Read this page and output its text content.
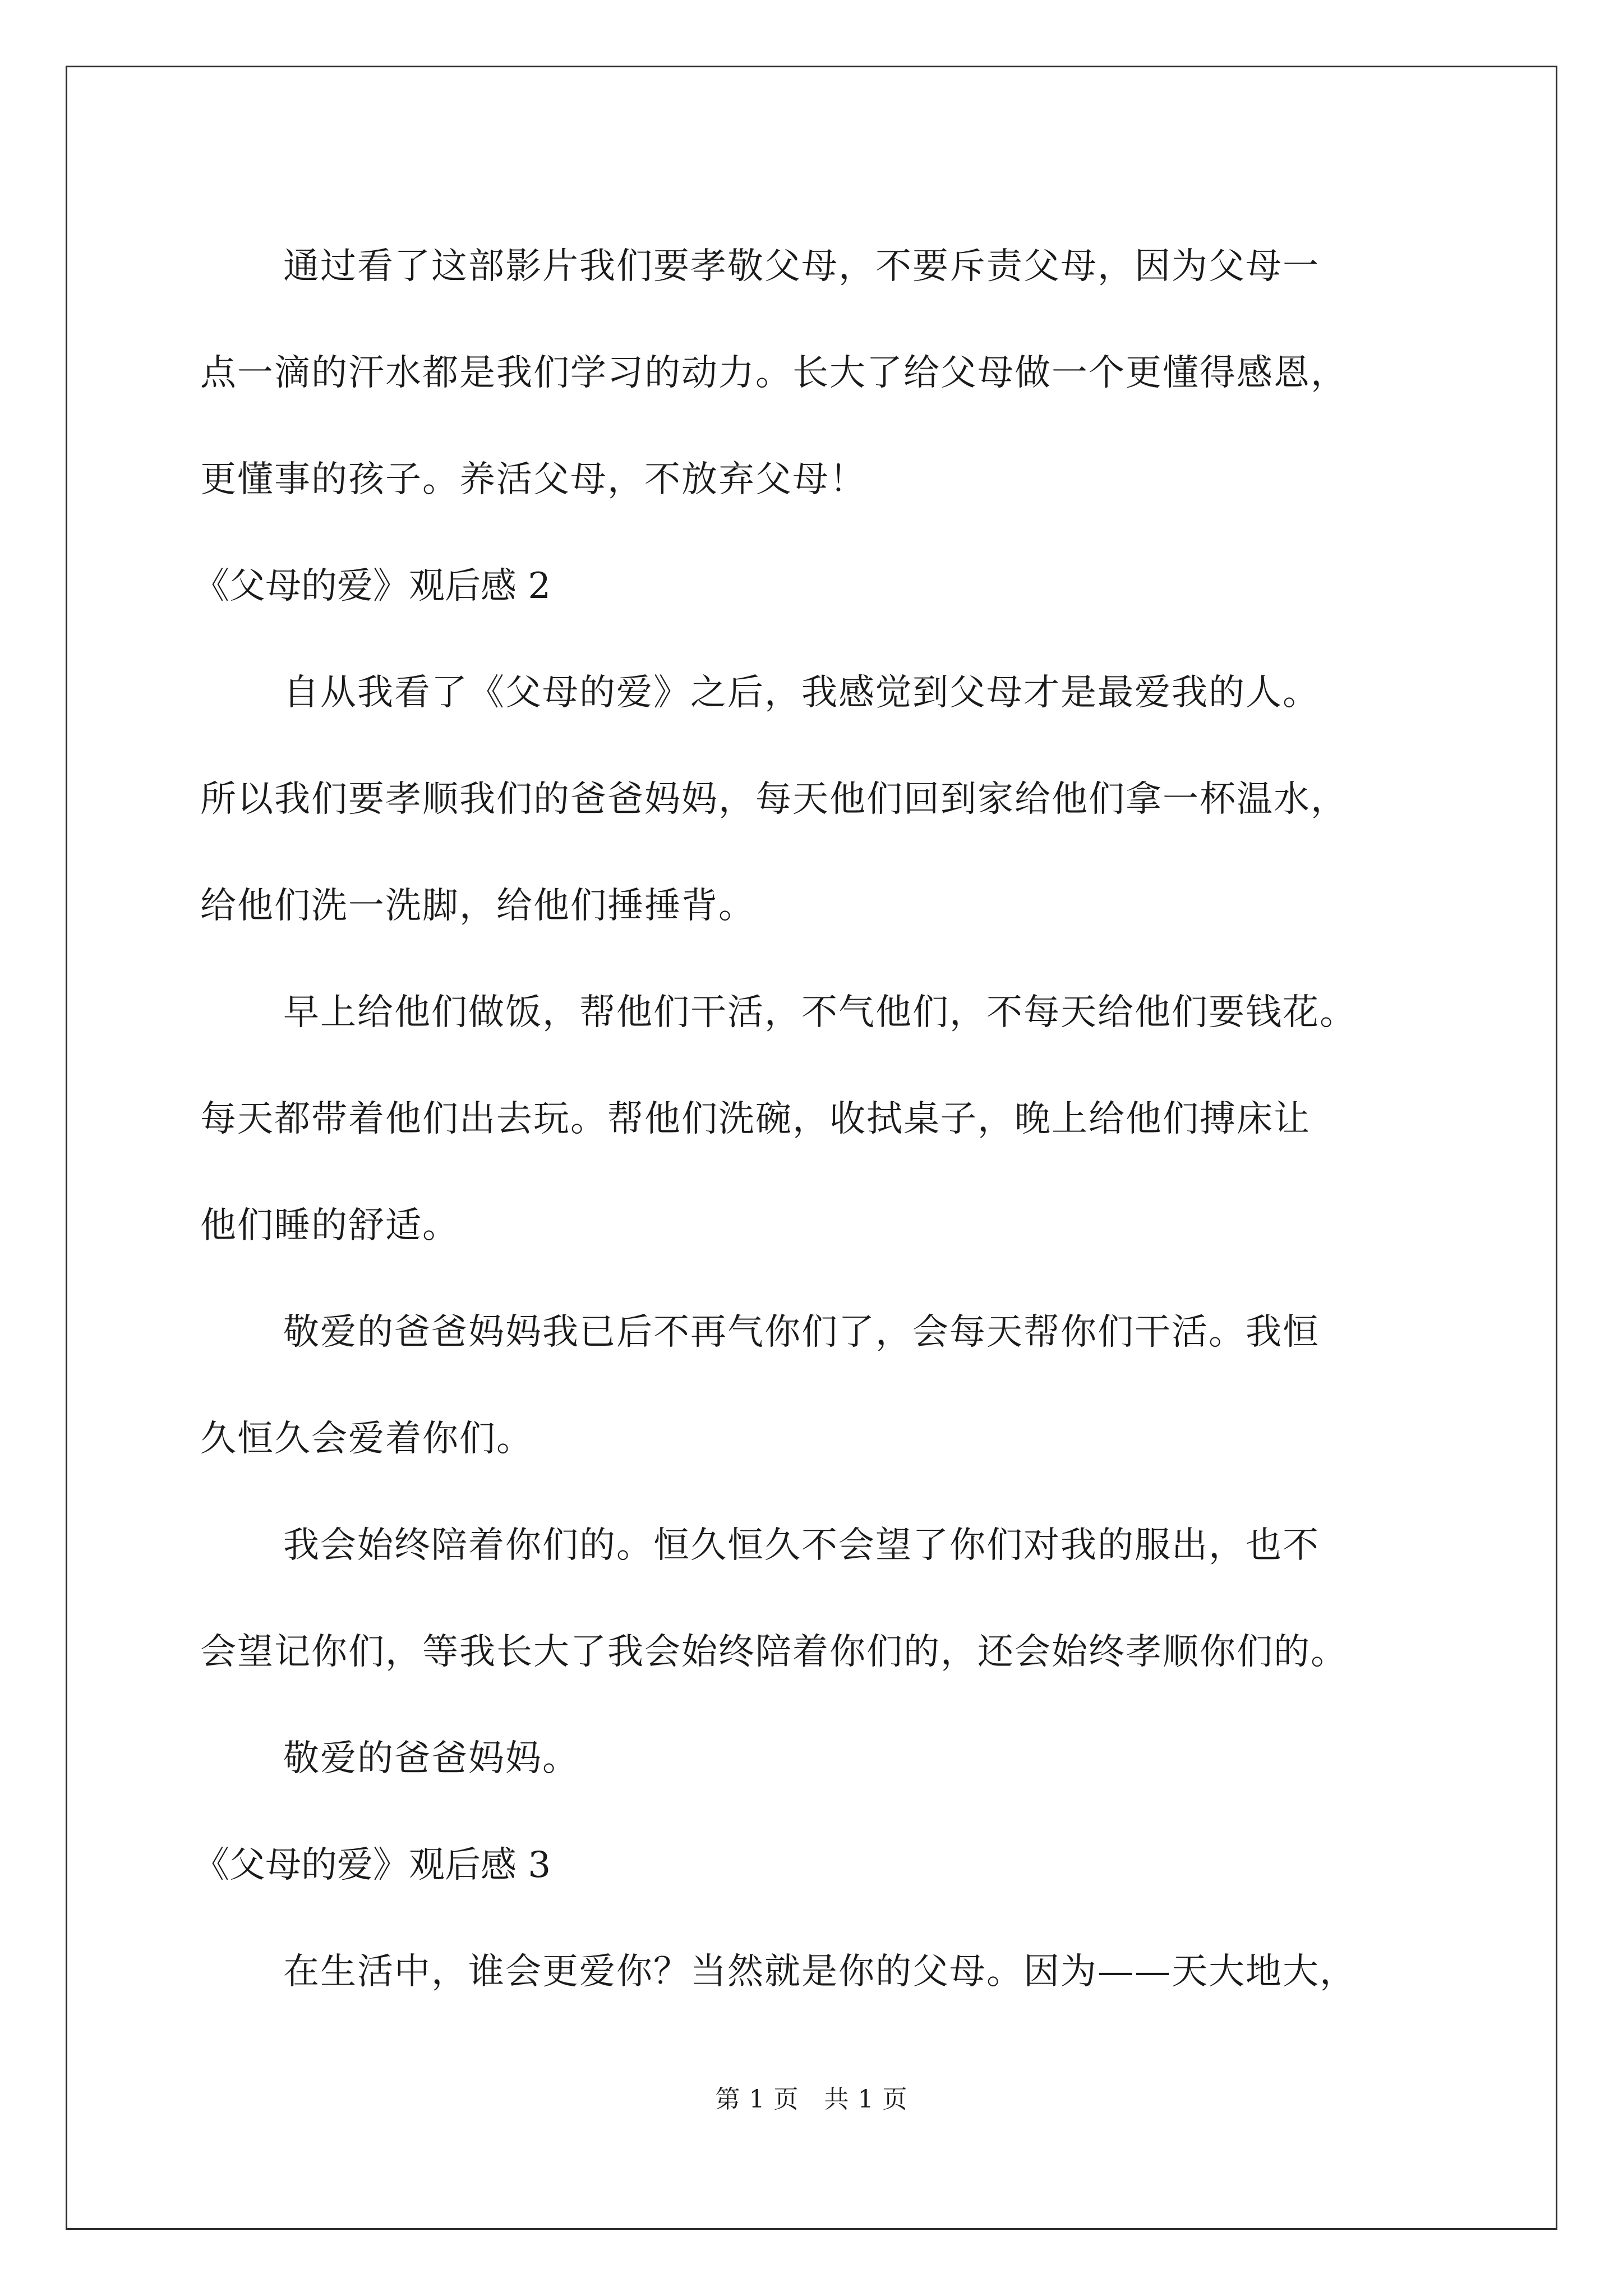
通过看了这部影片我们要孝敬父母，不要斥责父母，因为父母一
点一滴的汗水都是我们学习的动力。长大了给父母做一个更懂得感恩，
更懂事的孩子。养活父母，不放弃父母！
《父母的爱》观后感 2
自从我看了《父母的爱》之后，我感觉到父母才是最爱我的人。
所以我们要孝顺我们的爸爸妈妈，每天他们回到家给他们拿一杯温水，
给他们洗一洗脚，给他们捶捶背。
早上给他们做饭，帮他们干活，不气他们，不每天给他们要钱花。
每天都带着他们出去玩。帮他们洗碗，收拭桌子，晚上给他们搏床让
他们睡的舒适。
敬爱的爸爸妈妈我已后不再气你们了，会每天帮你们干活。我恒
久恒久会爱着你们。
我会始终陪着你们的。恒久恒久不会望了你们对我的服出，也不
会望记你们，等我长大了我会始终陪着你们的，还会始终孝顺你们的。
敬爱的爸爸妈妈。
《父母的爱》观后感 3
在生活中，谁会更爱你？当然就是你的父母。因为——天大地大，
第 1 页　共 1 页
